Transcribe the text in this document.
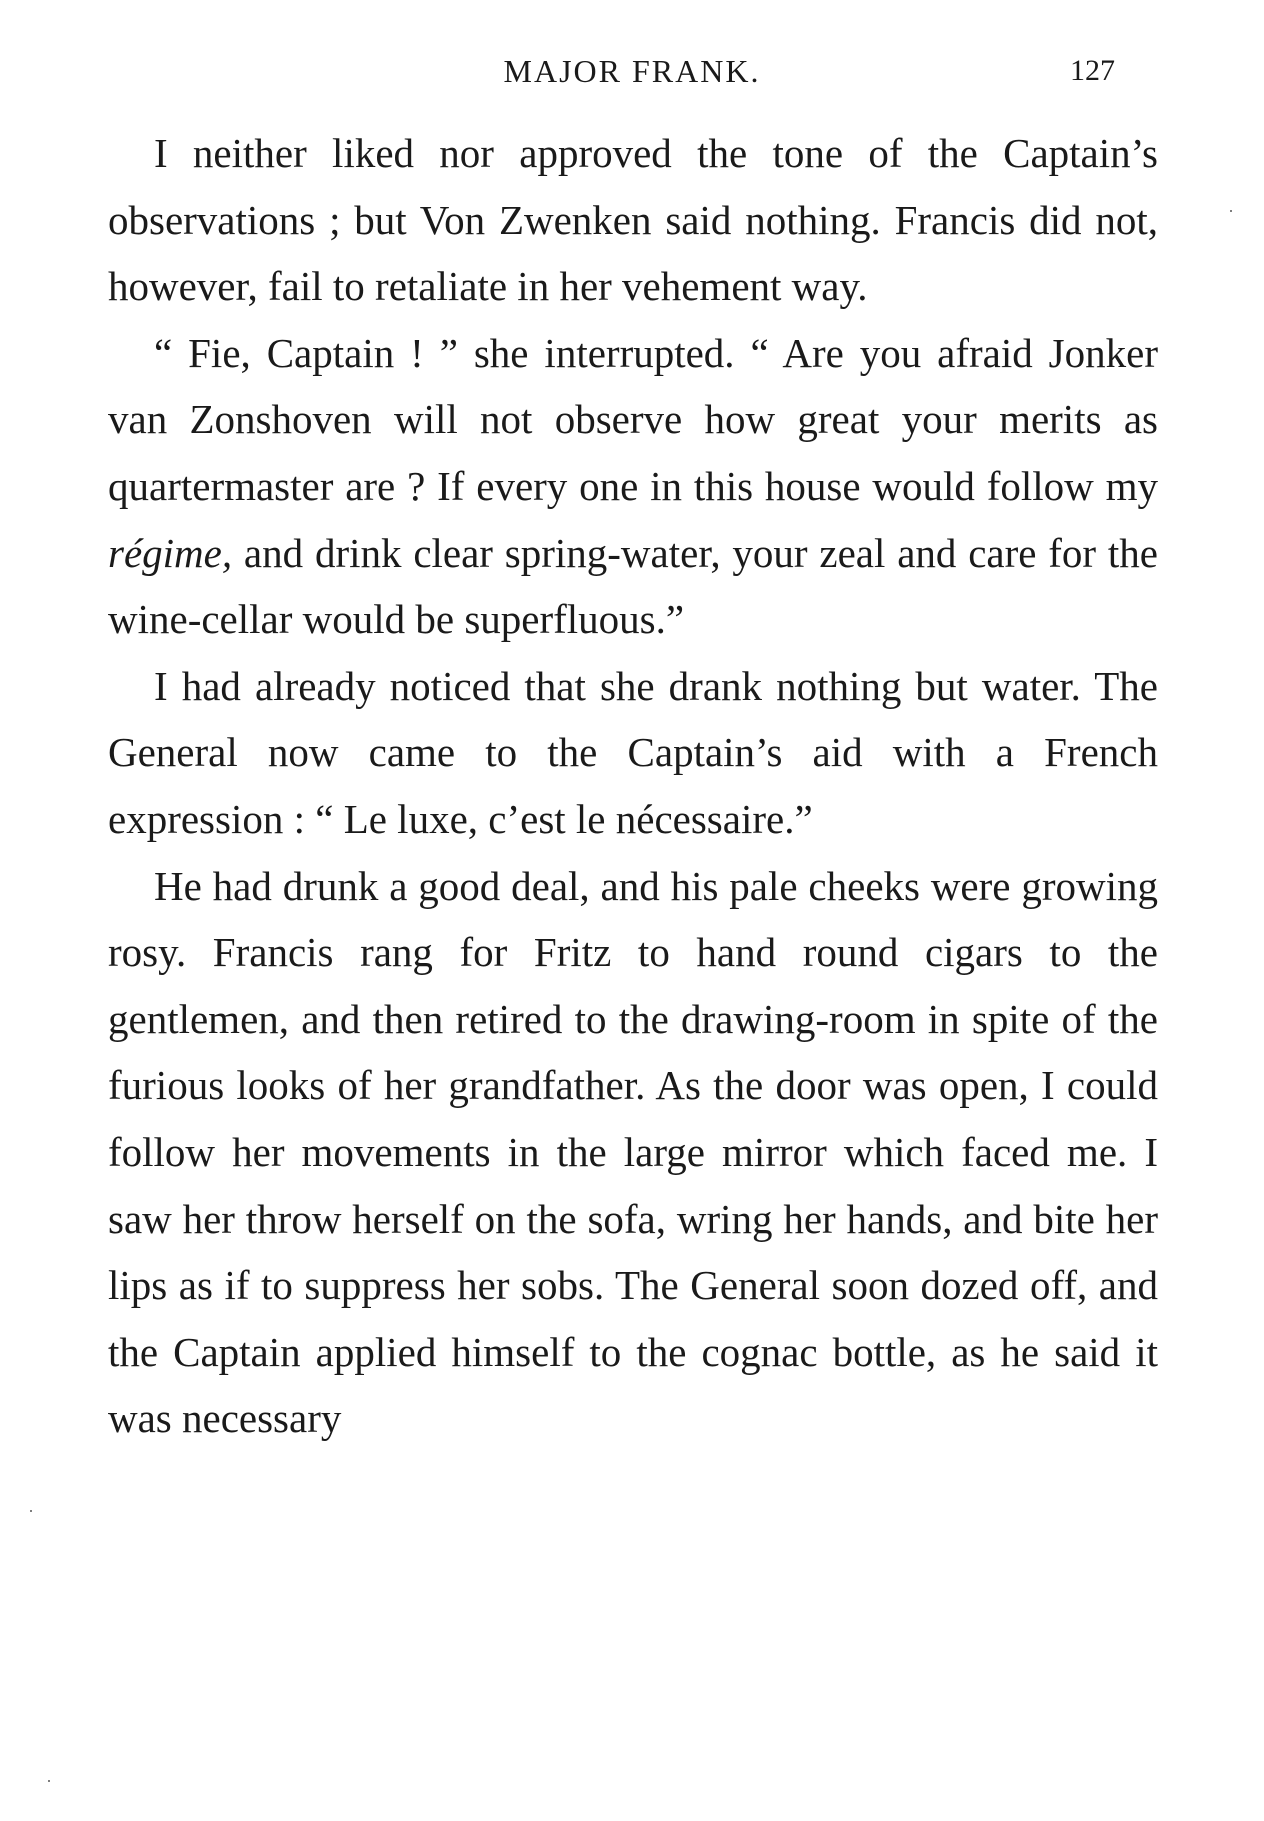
MAJOR FRANK.	127

I neither liked nor approved the tone of the Captain’s observations ; but Von Zwenken said nothing. Francis did not, however, fail to retaliate in her vehement way.

“ Fie, Captain ! ” she interrupted. “ Are you afraid Jonker van Zonshoven will not observe how great your merits as quartermaster are ? If every one in this house would follow my régime, and drink clear spring-water, your zeal and care for the wine-cellar would be superfluous.”

I had already noticed that she drank nothing but water. The General now came to the Captain’s aid with a French expression : “ Le luxe, c’est le nécessaire.”

He had drunk a good deal, and his pale cheeks were growing rosy. Francis rang for Fritz to hand round cigars to the gentlemen, and then retired to the drawing-room in spite of the furious looks of her grandfather. As the door was open, I could follow her movements in the large mirror which faced me. I saw her throw herself on the sofa, wring her hands, and bite her lips as if to suppress her sobs. The General soon dozed off, and the Captain applied himself to the cognac bottle, as he said it was necessary
